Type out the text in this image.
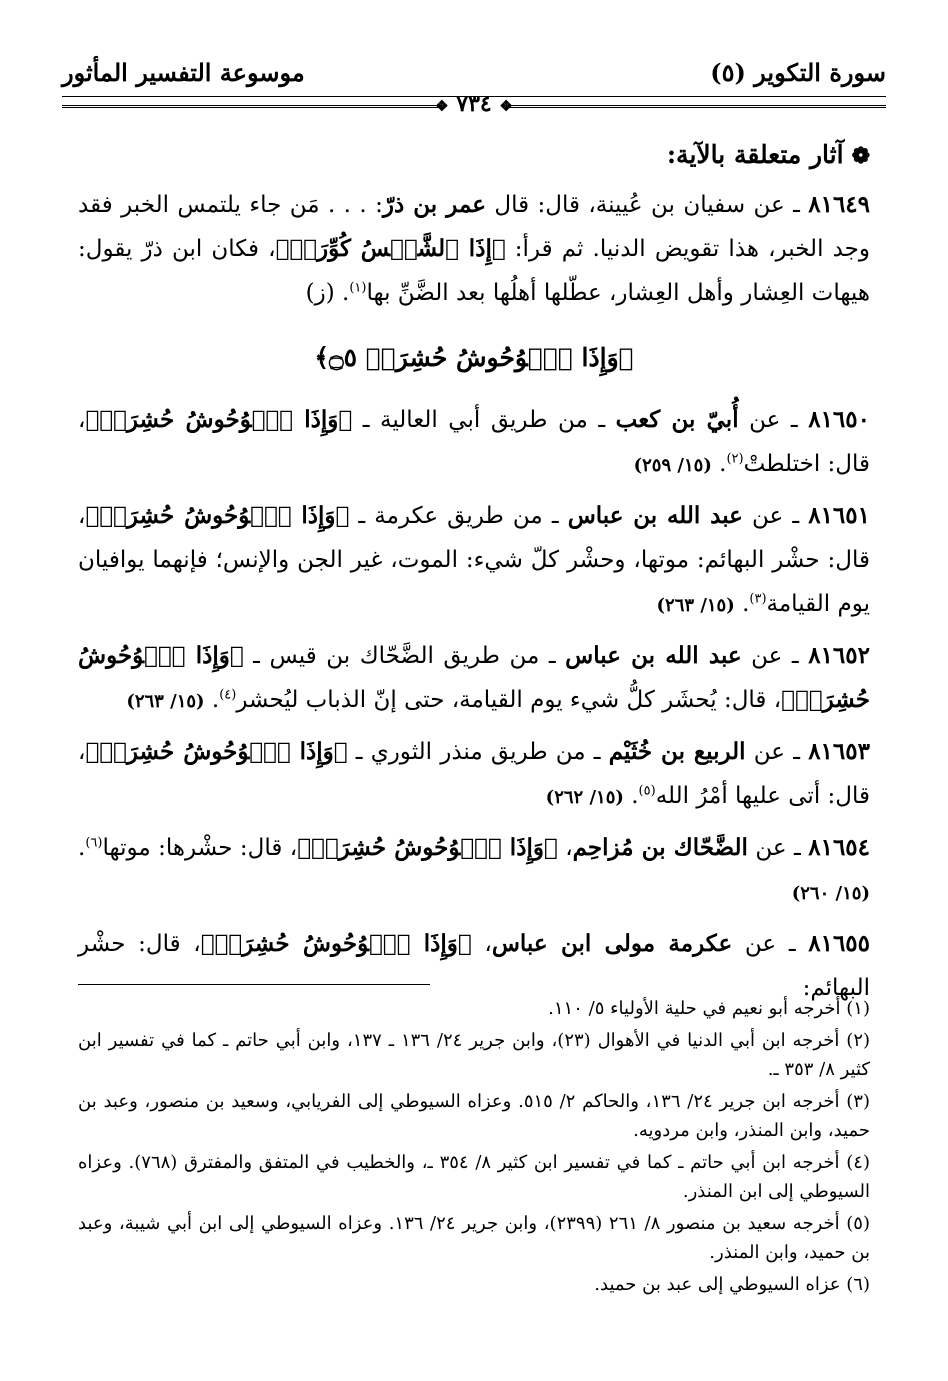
سورة التكوير (٥)
موسوعة التفسير المأثور
❖ ٧٣٤ ❖
❁آثار متعلقة بالآية:

٨١٦٤٩ ـ عن سفيان بن عُيينة، قال: قال عمر بن ذرّ: . . . مَن جاء يلتمس الخبر فقد وجد الخبر، هذا تقويض الدنيا. ثم قرأ: ﴿إِذَا ٱلشَّمۡسُ كُوِّرَتۡ﴾، فكان ابن ذرّ يقول: هيهات العِشار وأهل العِشار، عطّلها أهلُها بعد الضَّنِّ بها$^{(١)}$. (ز)

﴿وَإِذَا ٱلۡوُحُوشُ حُشِرَتۡ ۝٥﴾

٨١٦٥٠ ـ عن أُبيّ بن كعب ـ من طريق أبي العالية ـ ﴿وَإِذَا ٱلۡوُحُوشُ حُشِرَتۡ﴾، قال: اختلطتْ$^{(٢)}$. (١٥/ ٢٥٩)

٨١٦٥١ ـ عن عبد الله بن عباس ـ من طريق عكرمة ـ ﴿وَإِذَا ٱلۡوُحُوشُ حُشِرَتۡ﴾، قال: حشْر البهائم: موتها، وحشْر كلّ شيء: الموت، غير الجن والإنس؛ فإنهما يوافيان يوم القيامة$^{(٣)}$. (١٥/ ٢٦٣)

٨١٦٥٢ ـ عن عبد الله بن عباس ـ من طريق الضَّحّاك بن قيس ـ ﴿وَإِذَا ٱلۡوُحُوشُ حُشِرَتۡ﴾، قال: يُحشَر كلُّ شيء يوم القيامة، حتى إنّ الذباب ليُحشر$^{(٤)}$. (١٥/ ٢٦٣)

٨١٦٥٣ ـ عن الربيع بن خُثَيْم ـ من طريق منذر الثوري ـ ﴿وَإِذَا ٱلۡوُحُوشُ حُشِرَتۡ﴾، قال: أتى عليها أمْرُ الله$^{(٥)}$. (١٥/ ٢٦٢)

٨١٦٥٤ ـ عن الضَّحّاك بن مُزاحِم، ﴿وَإِذَا ٱلۡوُحُوشُ حُشِرَتۡ﴾، قال: حشْرها: موتها$^{(٦)}$. (١٥/ ٢٦٠)

٨١٦٥٥ ـ عن عكرمة مولى ابن عباس، ﴿وَإِذَا ٱلۡوُحُوشُ حُشِرَتۡ﴾، قال: حشْر البهائم:

(١) أخرجه أبو نعيم في حلية الأولياء ٥/ ١١٠.

(٢) أخرجه ابن أبي الدنيا في الأهوال (٢٣)، وابن جرير ٢٤/ ١٣٦ ـ ١٣٧، وابن أبي حاتم ـ كما في تفسير ابن كثير ٨/ ٣٥٣ ـ.

(٣) أخرجه ابن جرير ٢٤/ ١٣٦، والحاكم ٢/ ٥١٥. وعزاه السيوطي إلى الفريابي، وسعيد بن منصور، وعبد بن حميد، وابن المنذر، وابن مردويه.

(٤) أخرجه ابن أبي حاتم ـ كما في تفسير ابن كثير ٨/ ٣٥٤ ـ، والخطيب في المتفق والمفترق (٧٦٨). وعزاه السيوطي إلى ابن المنذر.

(٥) أخرجه سعيد بن منصور ٨/ ٢٦١ (٢٣٩٩)، وابن جرير ٢٤/ ١٣٦. وعزاه السيوطي إلى ابن أبي شيبة، وعبد بن حميد، وابن المنذر.

(٦) عزاه السيوطي إلى عبد بن حميد.
